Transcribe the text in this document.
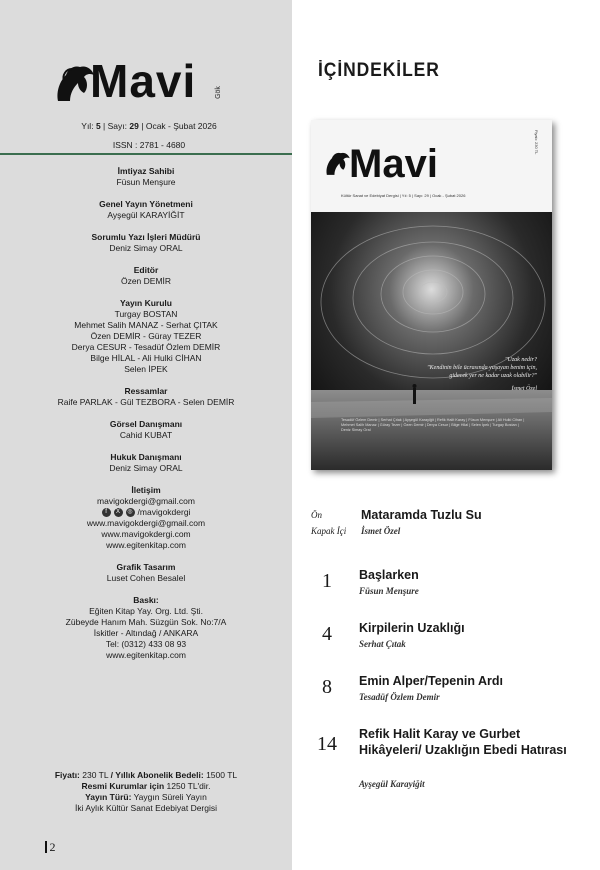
Mavi	Gök
Yıl: 5 | Sayı: 29 | Ocak - Şubat 2026
ISSN : 2781 - 4680
İmtiyaz Sahibi
Füsun Menşure
Genel Yayın Yönetmeni
Ayşegül KARAYİĞİT
Sorumlu Yazı İşleri Müdürü
Deniz Simay ORAL
Editör
Özen DEMİR
Yayın Kurulu
Turgay BOSTAN
Mehmet Salih MANAZ - Serhat ÇITAK
Özen DEMİR - Güray TEZER
Derya CESUR - Tesadüf Özlem DEMİR
Bilge HİLAL - Ali Hulki CİHAN
Selen İPEK
Ressamlar
Raife PARLAK - Gül TEZBORA - Selen DEMİR
Görsel Danışmanı
Cahid KUBAT
Hukuk Danışmanı
Deniz Simay ORAL
İletişim
mavigokdergi@gmail.com
f	X	◎ /mavigokdergi
www.mavigokdergi@gmail.com
www.mavigokdergi.com
www.egitenkitap.com
Grafik Tasarım
Luset Cohen Besalel
Baskı:
Eğiten Kitap Yay. Org. Ltd. Şti.
Zübeyde Hanım Mah. Süzgün Sok. No:7/A
İskitler - Altındağ / ANKARA
Tel: (0312) 433 08 93
www.egitenkitap.com
Fiyatı: 230 TL / Yıllık Abonelik Bedeli: 1500 TL
Resmi Kurumlar için 1250 TL'dir.
Yayın Türü: Yaygın Süreli Yayın
İki Aylık Kültür Sanat Edebiyat Dergisi
2
İÇİNDEKİLER
Mavi
Kültür Sanat ve Edebiyat Dergisi | Yıl: 5 | Sayı: 29 | Ocak - Şubat 2026
Fiyatı: 230 TL
"Uzak nedir?
"Kendinin bile ücrasında yaşayan benim için,
gidecek yer ne kadar uzak olabilir?"
İsmet Özel
Tesadüf Özlem Demir | Serhat Çıtak | Ayşegül Karayiğit | Refik Halit Karay | Füsun Menşure | Ali Hulki Cihan | Mehmet Salih Manaz | Güray Tezer | Özen Demir | Derya Cesur | Bilge Hilal | Selen İpek | Turgay Bostan | Deniz Simay Oral
Ön
Kapak İçi
Mataramda Tuzlu Su
İsmet Özel
1	Başlarken
Füsun Menşure
4	Kirpilerin Uzaklığı
Serhat Çıtak
8	Emin Alper/Tepenin Ardı
Tesadüf Özlem Demir
14	Refik Halit Karay ve Gurbet Hikâyeleri/ Uzaklığın Ebedi Hatırası
Ayşegül Karayiğit
